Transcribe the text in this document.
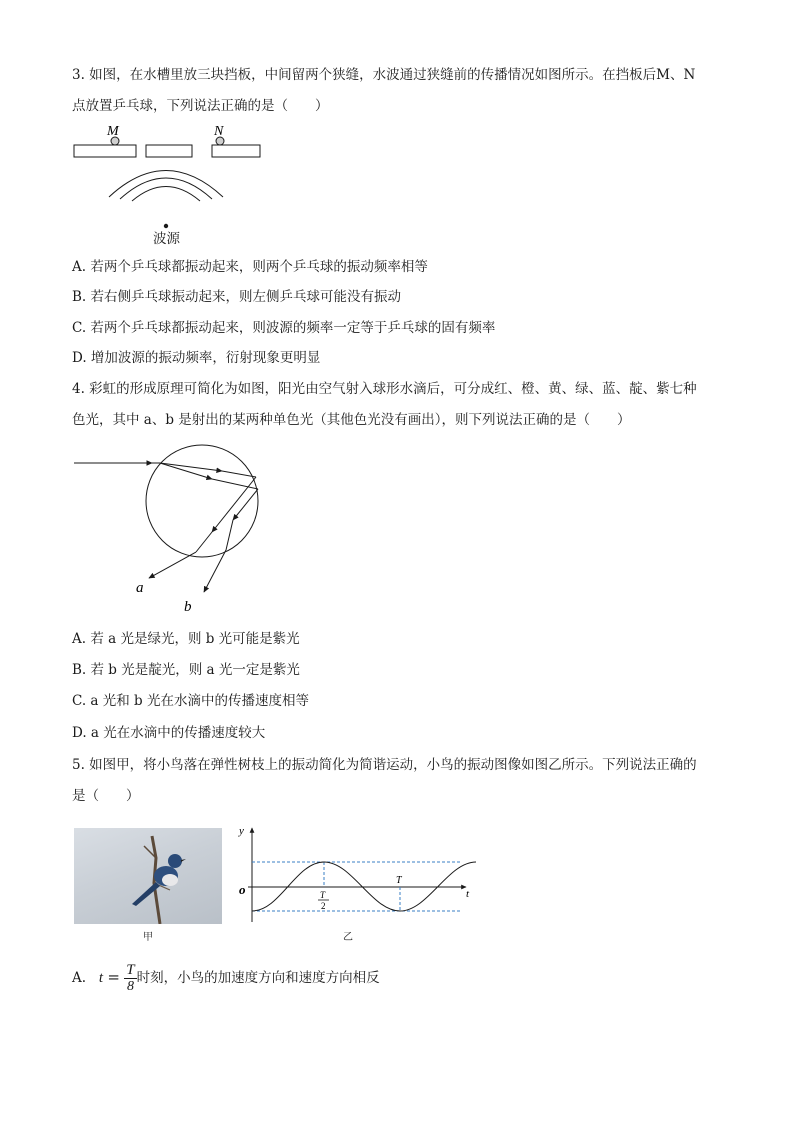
3. 如图，在水槽里放三块挡板，中间留两个狭缝，水波通过狭缝前的传播情况如图所示。在挡板后M、N
点放置乒乓球，下列说法正确的是（　　）
M	N
波源
A. 若两个乒乓球都振动起来，则两个乒乓球的振动频率相等
B. 若右侧乒乓球振动起来，则左侧乒乓球可能没有振动
C. 若两个乒乓球都振动起来，则波源的频率一定等于乒乓球的固有频率
D. 增加波源的振动频率，衍射现象更明显
4. 彩虹的形成原理可简化为如图，阳光由空气射入球形水滴后，可分成红、橙、黄、绿、蓝、靛、紫七种
色光，其中 a、b 是射出的某两种单色光（其他色光没有画出），则下列说法正确的是（　　）
a
b
A. 若 a 光是绿光，则 b 光可能是紫光
B. 若 b 光是靛光，则 a 光一定是紫光
C. a 光和 b 光在水滴中的传播速度相等
D. a 光在水滴中的传播速度较大
5. 如图甲，将小鸟落在弹性树枝上的振动简化为简谐运动，小鸟的振动图像如图乙所示。下列说法正确的
是（　　）
甲
y
t
o
T
T
2
乙
A. $t = \frac{T}{8}$ 时刻，小鸟的加速度方向和速度方向相反
